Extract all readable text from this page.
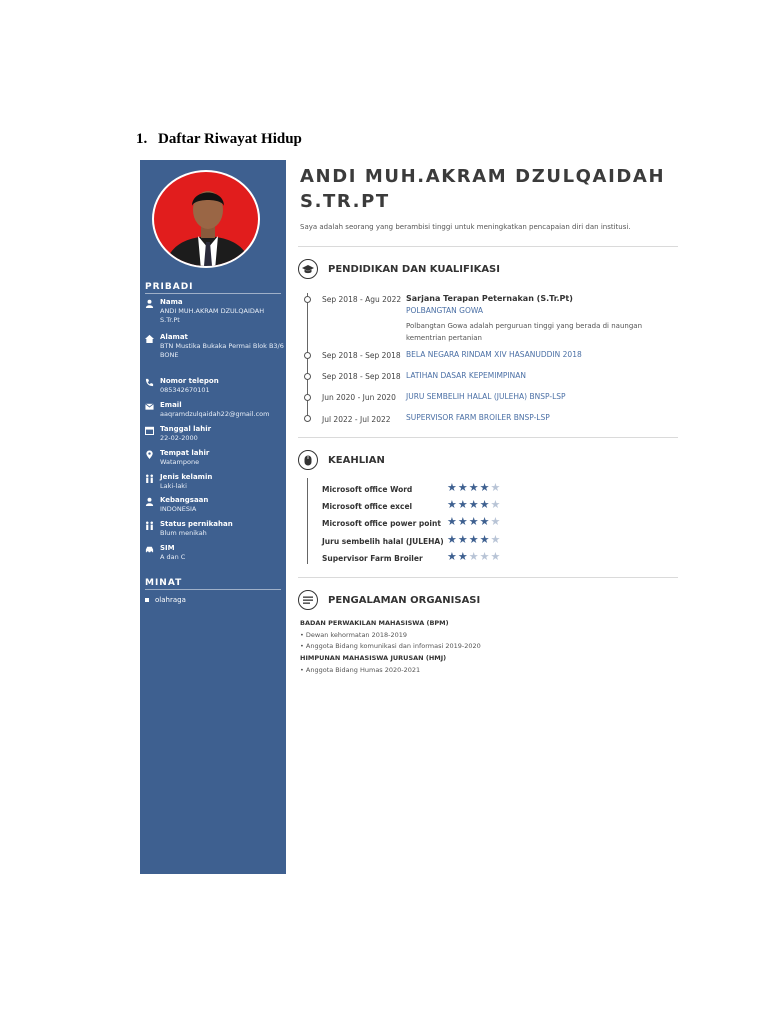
1. Daftar Riwayat Hidup
PRIBADI
Nama
ANDI MUH.AKRAM DZULQAIDAH S.Tr.Pt
Alamat
BTN Mustika Bukaka Permai Blok B3/6 BONE
Nomor telepon
085342670101
Email
aaqramdzulqaidah22@gmail.com
Tanggal lahir
22-02-2000
Tempat lahir
Watampone
Jenis kelamin
Laki-laki
Kebangsaan
INDONESIA
Status pernikahan
Blum menikah
SIM
A dan C
MINAT
olahraga
ANDI MUH.AKRAM DZULQAIDAH S.TR.PT
Saya adalah seorang yang berambisi tinggi untuk meningkatkan pencapaian diri dan institusi.
PENDIDIKAN DAN KUALIFIKASI
Sep 2018 - Agu 2022 Sarjana Terapan Peternakan (S.Tr.Pt)
POLBANGTAN GOWA
Polbangtan Gowa adalah perguruan tinggi yang berada di naungan kementrian pertanian
Sep 2018 - Sep 2018 BELA NEGARA RINDAM XIV HASANUDDIN 2018
Sep 2018 - Sep 2018 LATIHAN DASAR KEPEMIMPINAN
Jun 2020 - Jun 2020 JURU SEMBELIH HALAL (JULEHA) BNSP-LSP
Jul 2022 - Jul 2022 SUPERVISOR FARM BROILER BNSP-LSP
KEAHLIAN
Microsoft office Word	★★★★★
Microsoft office excel	★★★★★
Microsoft office power point ★★★★★
Juru sembelih halal (JULEHA) ★★★★★
Supervisor Farm Broiler ★★★★★
PENGALAMAN ORGANISASI
BADAN PERWAKILAN MAHASISWA (BPM)
• Dewan kehormatan 2018-2019
• Anggota Bidang komunikasi dan informasi 2019-2020
HIMPUNAN MAHASISWA JURUSAN (HMJ)
• Anggota Bidang Humas 2020-2021
